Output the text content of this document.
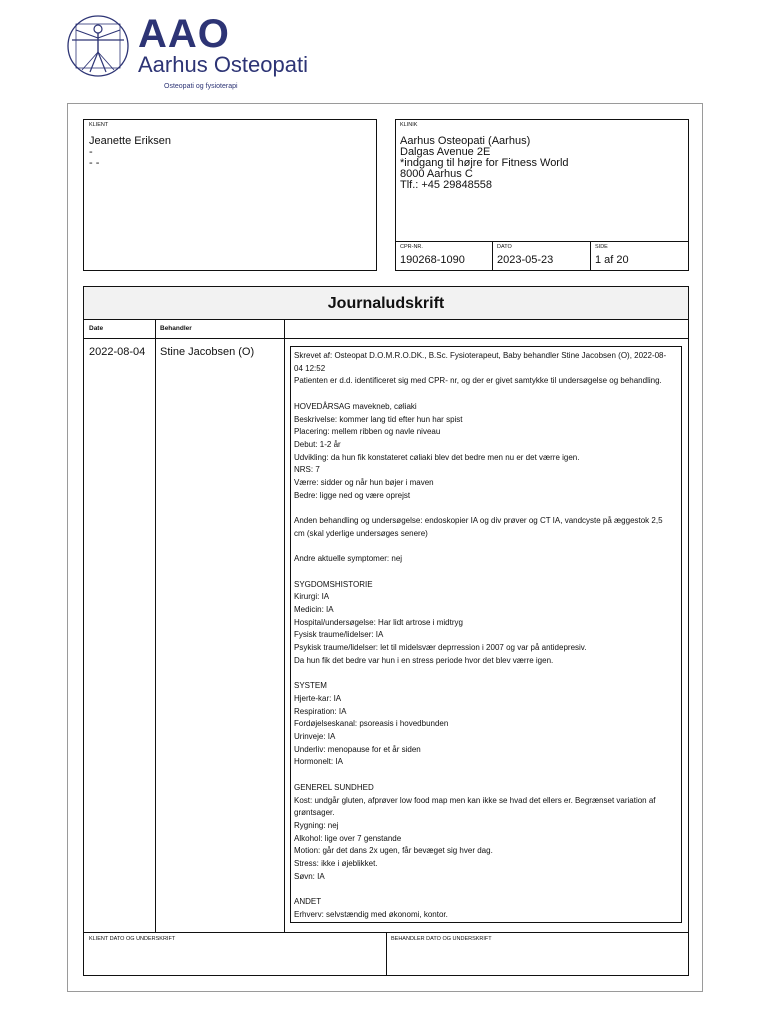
AAO
Aarhus Osteopati
Osteopati og fysioterapi
KLIENT
Jeanette Eriksen
-
- -
KLINIK
Aarhus Osteopati (Aarhus)
Dalgas Avenue 2E
*indgang til højre for Fitness World
8000 Aarhus C
Tlf.: +45 29848558
CPR-NR.
190268-1090
DATO
2023-05-23
SIDE
1 af 20
Journaludskrift
Date	Behandler
2022-08-04 Stine Jacobsen (O)	Skrevet af: Osteopat D.O.M.R.O.DK., B.Sc. Fysioterapeut, Baby behandler Stine Jacobsen (O), 2022-08-
04 12:52
Patienten er d.d. identificeret sig med CPR- nr, og der er givet samtykke til undersøgelse og behandling.
HOVEDÅRSAG mavekneb, cøliaki
Beskrivelse: kommer lang tid efter hun har spist
Placering: mellem ribben og navle niveau
Debut: 1-2 år
Udvikling: da hun fik konstateret cøliaki blev det bedre men nu er det værre igen.
NRS: 7
Værre: sidder og når hun bøjer i maven
Bedre: ligge ned og være oprejst
Anden behandling og undersøgelse: endoskopier IA og div prøver og CT IA, vandcyste på æggestok 2,5
cm (skal yderlige undersøges senere)
Andre aktuelle symptomer: nej
SYGDOMSHISTORIE
Kirurgi: IA
Medicin: IA
Hospital/undersøgelse: Har lidt artrose i midtryg
Fysisk traume/lidelser: IA
Psykisk traume/lidelser: let til midelsvær deprression i 2007 og var på antidepresiv.
Da hun fik det bedre var hun i en stress periode hvor det blev værre igen.
SYSTEM
Hjerte-kar: IA
Respiration: IA
Fordøjelseskanal: psoreasis i hovedbunden
Urinveje: IA
Underliv: menopause for et år siden
Hormonelt: IA
GENEREL SUNDHED
Kost: undgår gluten, afprøver low food map men kan ikke se hvad det ellers er. Begrænset variation af
grøntsager.
Rygning: nej
Alkohol: lige over 7 genstande
Motion: går det dans 2x ugen, får bevæget sig hver dag.
Stress: ikke i øjeblikket.
Søvn: IA
ANDET
Erhverv: selvstændig med økonomi, kontor.
KLIENT DATO OG UNDERSKRIFT	BEHANDLER DATO OG UNDERSKRIFT
